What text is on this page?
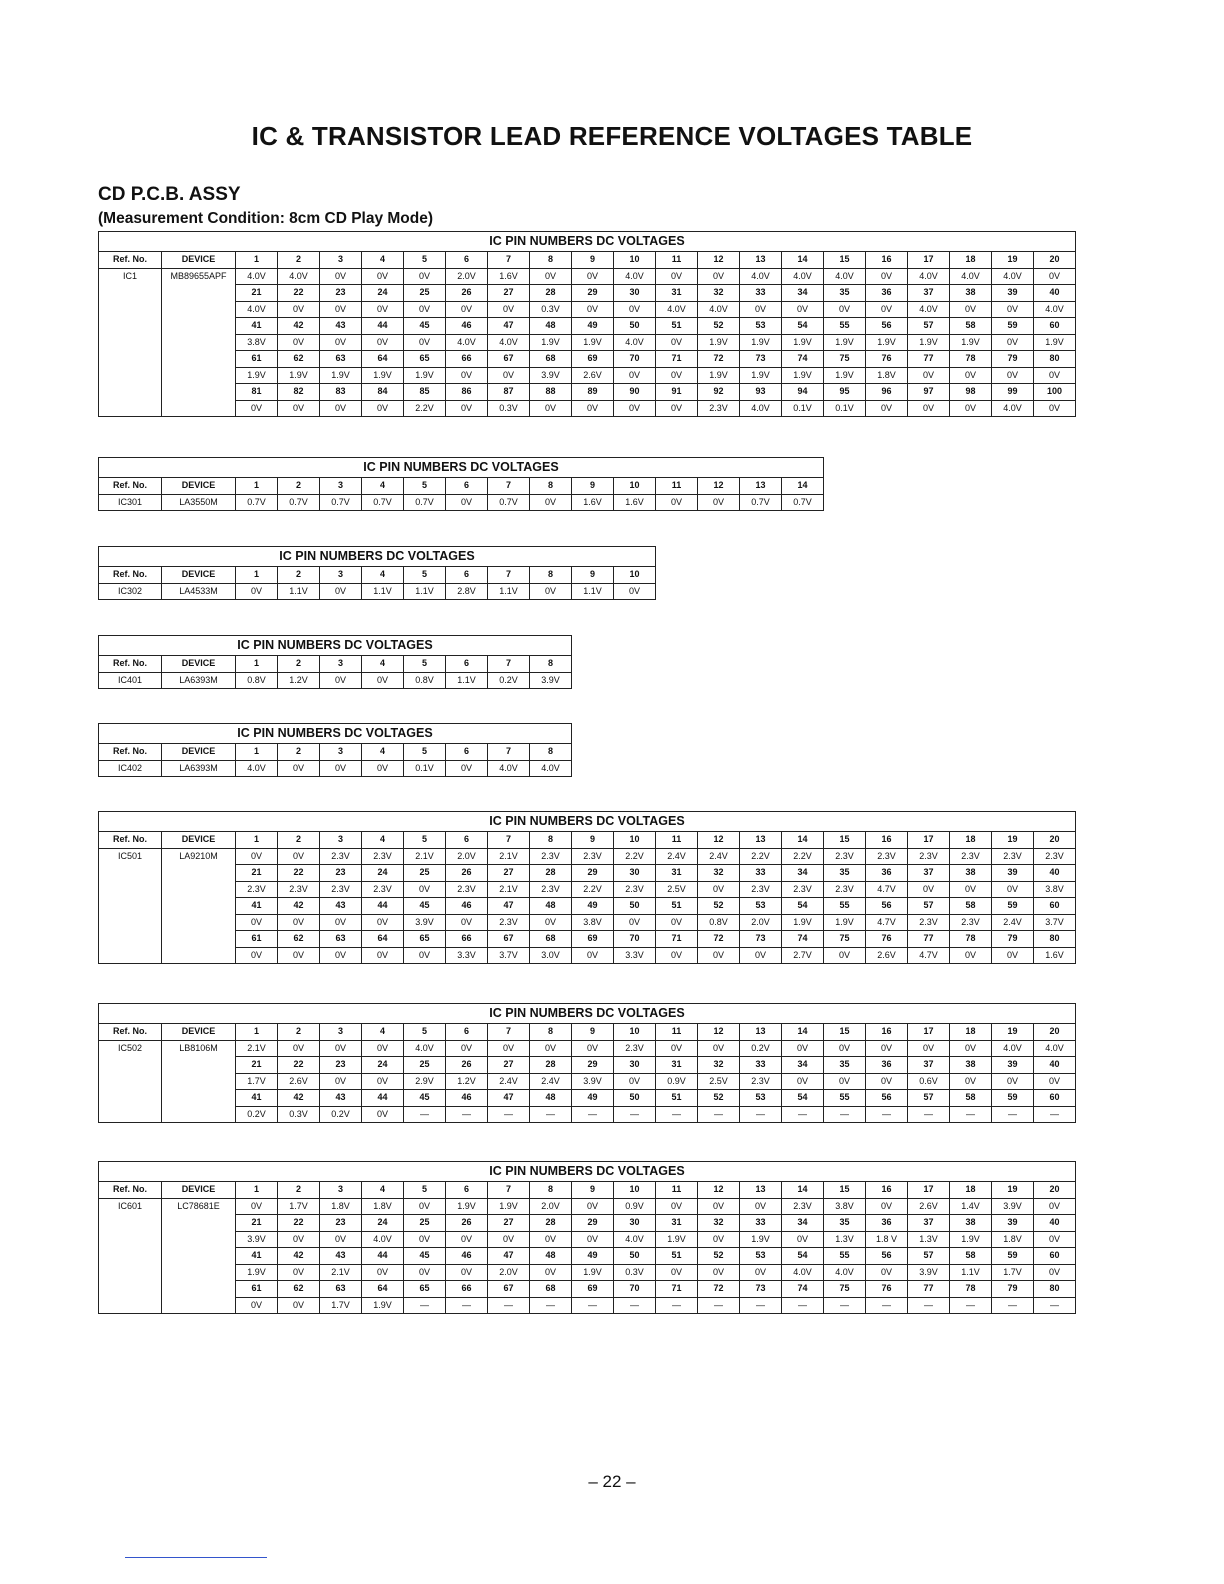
IC & TRANSISTOR LEAD REFERENCE VOLTAGES TABLE
CD P.C.B. ASSY
(Measurement Condition: 8cm CD Play Mode)
IC PIN NUMBERS DC VOLTAGES																					
Ref. No.	DEVICE	1	2	3	4	5	6	7	8	9	10	11	12	13	14	15	16	17	18	19	20
IC1	MB89655APF	4.0V	4.0V	0V	0V	0V	2.0V	1.6V	0V	0V	4.0V	0V	0V	4.0V	4.0V	4.0V	0V	4.0V	4.0V	4.0V	0V
		21	22	23	24	25	26	27	28	29	30	31	32	33	34	35	36	37	38	39	40
		4.0V	0V	0V	0V	0V	0V	0V	0.3V	0V	0V	4.0V	4.0V	0V	0V	0V	0V	4.0V	0V	0V	4.0V
		41	42	43	44	45	46	47	48	49	50	51	52	53	54	55	56	57	58	59	60
		3.8V	0V	0V	0V	0V	4.0V	4.0V	1.9V	1.9V	4.0V	0V	1.9V	1.9V	1.9V	1.9V	1.9V	1.9V	1.9V	0V	1.9V
		61	62	63	64	65	66	67	68	69	70	71	72	73	74	75	76	77	78	79	80
		1.9V	1.9V	1.9V	1.9V	1.9V	0V	0V	3.9V	2.6V	0V	0V	1.9V	1.9V	1.9V	1.9V	1.8V	0V	0V	0V	0V
		81	82	83	84	85	86	87	88	89	90	91	92	93	94	95	96	97	98	99	100
		0V	0V	0V	0V	2.2V	0V	0.3V	0V	0V	0V	0V	2.3V	4.0V	0.1V	0.1V	0V	0V	0V	4.0V	0V
IC PIN NUMBERS DC VOLTAGES															
Ref. No.	DEVICE	1	2	3	4	5	6	7	8	9	10	11	12	13	14
IC301	LA3550M	0.7V	0.7V	0.7V	0.7V	0.7V	0V	0.7V	0V	1.6V	1.6V	0V	0V	0.7V	0.7V
IC PIN NUMBERS DC VOLTAGES											
Ref. No.	DEVICE	1	2	3	4	5	6	7	8	9	10
IC302	LA4533M	0V	1.1V	0V	1.1V	1.1V	2.8V	1.1V	0V	1.1V	0V
IC PIN NUMBERS DC VOLTAGES									
Ref. No.	DEVICE	1	2	3	4	5	6	7	8
IC401	LA6393M	0.8V	1.2V	0V	0V	0.8V	1.1V	0.2V	3.9V
IC PIN NUMBERS DC VOLTAGES									
Ref. No.	DEVICE	1	2	3	4	5	6	7	8
IC402	LA6393M	4.0V	0V	0V	0V	0.1V	0V	4.0V	4.0V
IC PIN NUMBERS DC VOLTAGES																					
Ref. No.	DEVICE	1	2	3	4	5	6	7	8	9	10	11	12	13	14	15	16	17	18	19	20
IC501	LA9210M	0V	0V	2.3V	2.3V	2.1V	2.0V	2.1V	2.3V	2.3V	2.2V	2.4V	2.4V	2.2V	2.2V	2.3V	2.3V	2.3V	2.3V	2.3V	2.3V
		21	22	23	24	25	26	27	28	29	30	31	32	33	34	35	36	37	38	39	40
		2.3V	2.3V	2.3V	2.3V	0V	2.3V	2.1V	2.3V	2.2V	2.3V	2.5V	0V	2.3V	2.3V	2.3V	4.7V	0V	0V	0V	3.8V
		41	42	43	44	45	46	47	48	49	50	51	52	53	54	55	56	57	58	59	60
		0V	0V	0V	0V	3.9V	0V	2.3V	0V	3.8V	0V	0V	0.8V	2.0V	1.9V	1.9V	4.7V	2.3V	2.3V	2.4V	3.7V
		61	62	63	64	65	66	67	68	69	70	71	72	73	74	75	76	77	78	79	80
		0V	0V	0V	0V	0V	3.3V	3.7V	3.0V	0V	3.3V	0V	0V	0V	2.7V	0V	2.6V	4.7V	0V	0V	1.6V
IC PIN NUMBERS DC VOLTAGES																					
Ref. No.	DEVICE	1	2	3	4	5	6	7	8	9	10	11	12	13	14	15	16	17	18	19	20
IC502	LB8106M	2.1V	0V	0V	0V	4.0V	0V	0V	0V	0V	2.3V	0V	0V	0.2V	0V	0V	0V	0V	0V	4.0V	4.0V
		21	22	23	24	25	26	27	28	29	30	31	32	33	34	35	36	37	38	39	40
		1.7V	2.6V	0V	0V	2.9V	1.2V	2.4V	2.4V	3.9V	0V	0.9V	2.5V	2.3V	0V	0V	0V	0.6V	0V	0V	0V
		41	42	43	44	45	46	47	48	49	50	51	52	53	54	55	56	57	58	59	60
		0.2V	0.3V	0.2V	0V	—	—	—	—	—	—	—	—	—	—	—	—	—	—	—	—
IC PIN NUMBERS DC VOLTAGES																					
Ref. No.	DEVICE	1	2	3	4	5	6	7	8	9	10	11	12	13	14	15	16	17	18	19	20
IC601	LC78681E	0V	1.7V	1.8V	1.8V	0V	1.9V	1.9V	2.0V	0V	0.9V	0V	0V	0V	2.3V	3.8V	0V	2.6V	1.4V	3.9V	0V
		21	22	23	24	25	26	27	28	29	30	31	32	33	34	35	36	37	38	39	40
		3.9V	0V	0V	4.0V	0V	0V	0V	0V	0V	4.0V	1.9V	0V	1.9V	0V	1.3V	1.8 V	1.3V	1.9V	1.8V	0V
		41	42	43	44	45	46	47	48	49	50	51	52	53	54	55	56	57	58	59	60
		1.9V	0V	2.1V	0V	0V	0V	2.0V	0V	1.9V	0.3V	0V	0V	0V	4.0V	4.0V	0V	3.9V	1.1V	1.7V	0V
		61	62	63	64	65	66	67	68	69	70	71	72	73	74	75	76	77	78	79	80
		0V	0V	1.7V	1.9V	—	—	—	—	—	—	—	—	—	—	—	—	—	—	—	—
– 22 –
